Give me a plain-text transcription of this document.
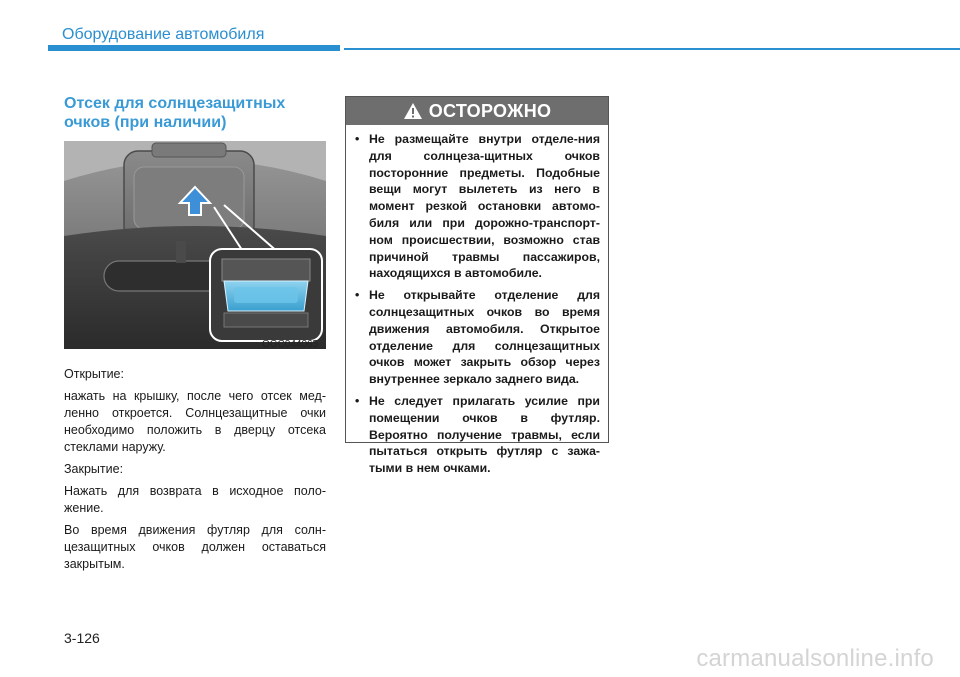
Оборудование автомобиля
Отсек для солнцезащитных очков (при наличии)
OGC044065

Открытие:

нажать на крышку, после чего отсек мед-ленно откроется. Солнцезащитные очки необходимо положить в дверцу отсека стеклами наружу.

Закрытие:

Нажать для возврата в исходное поло-жение.

Во время движения футляр для солн-цезащитных очков должен оставаться закрытым.

ОСТОРОЖНО
• Не размещайте внутри отделе-ния для солнцеза-щитных очков посторонние предметы. Подобные вещи могут вылететь из него в момент резкой остановки автомо-биля или при дорожно-транспорт-ном происшествии, возможно став причиной травмы пассажиров, находящихся в автомобиле.
• Не открывайте отделение для солнцезащитных очков во время движения автомобиля. Открытое отделение для солнцезащитных очков может закрыть обзор через внутреннее зеркало заднего вида.
• Не следует прилагать усилие при помещении очков в футляр. Вероятно получение травмы, если пытаться открыть футляр с зажа-тыми в нем очками.
3-126
carmanualsonline.info
